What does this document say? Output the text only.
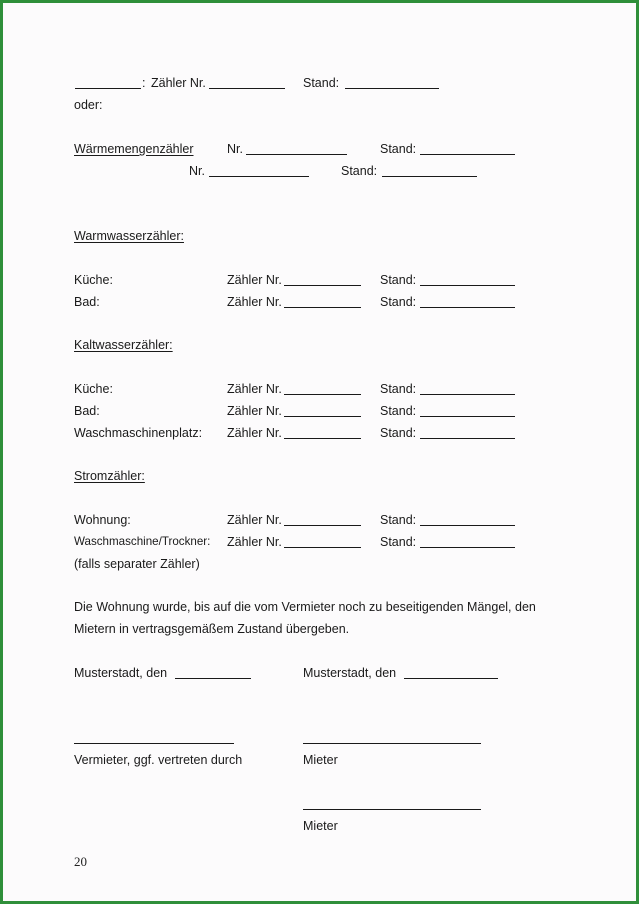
: Zähler Nr.	Stand:
oder:
Wärmemengenzähler	Nr.	Stand:
Nr.	Stand:
Warmwasserzähler:
Küche:	Zähler Nr.	Stand:
Bad:	Zähler Nr.	Stand:
Kaltwasserzähler:
Küche:	Zähler Nr.	Stand:
Bad:	Zähler Nr.	Stand:
Waschmaschinenplatz: Zähler Nr.	Stand:
Stromzähler:
Wohnung:	Zähler Nr.	Stand:
Waschmaschine/Trockner: Zähler Nr.	Stand:
(falls separater Zähler)
Die Wohnung wurde, bis auf die vom Vermieter noch zu beseitigenden Mängel, den
Mietern in vertragsgemäßem Zustand übergeben.
Musterstadt, den	Musterstadt, den
Vermieter, ggf. vertreten durch	Mieter
Mieter
20
